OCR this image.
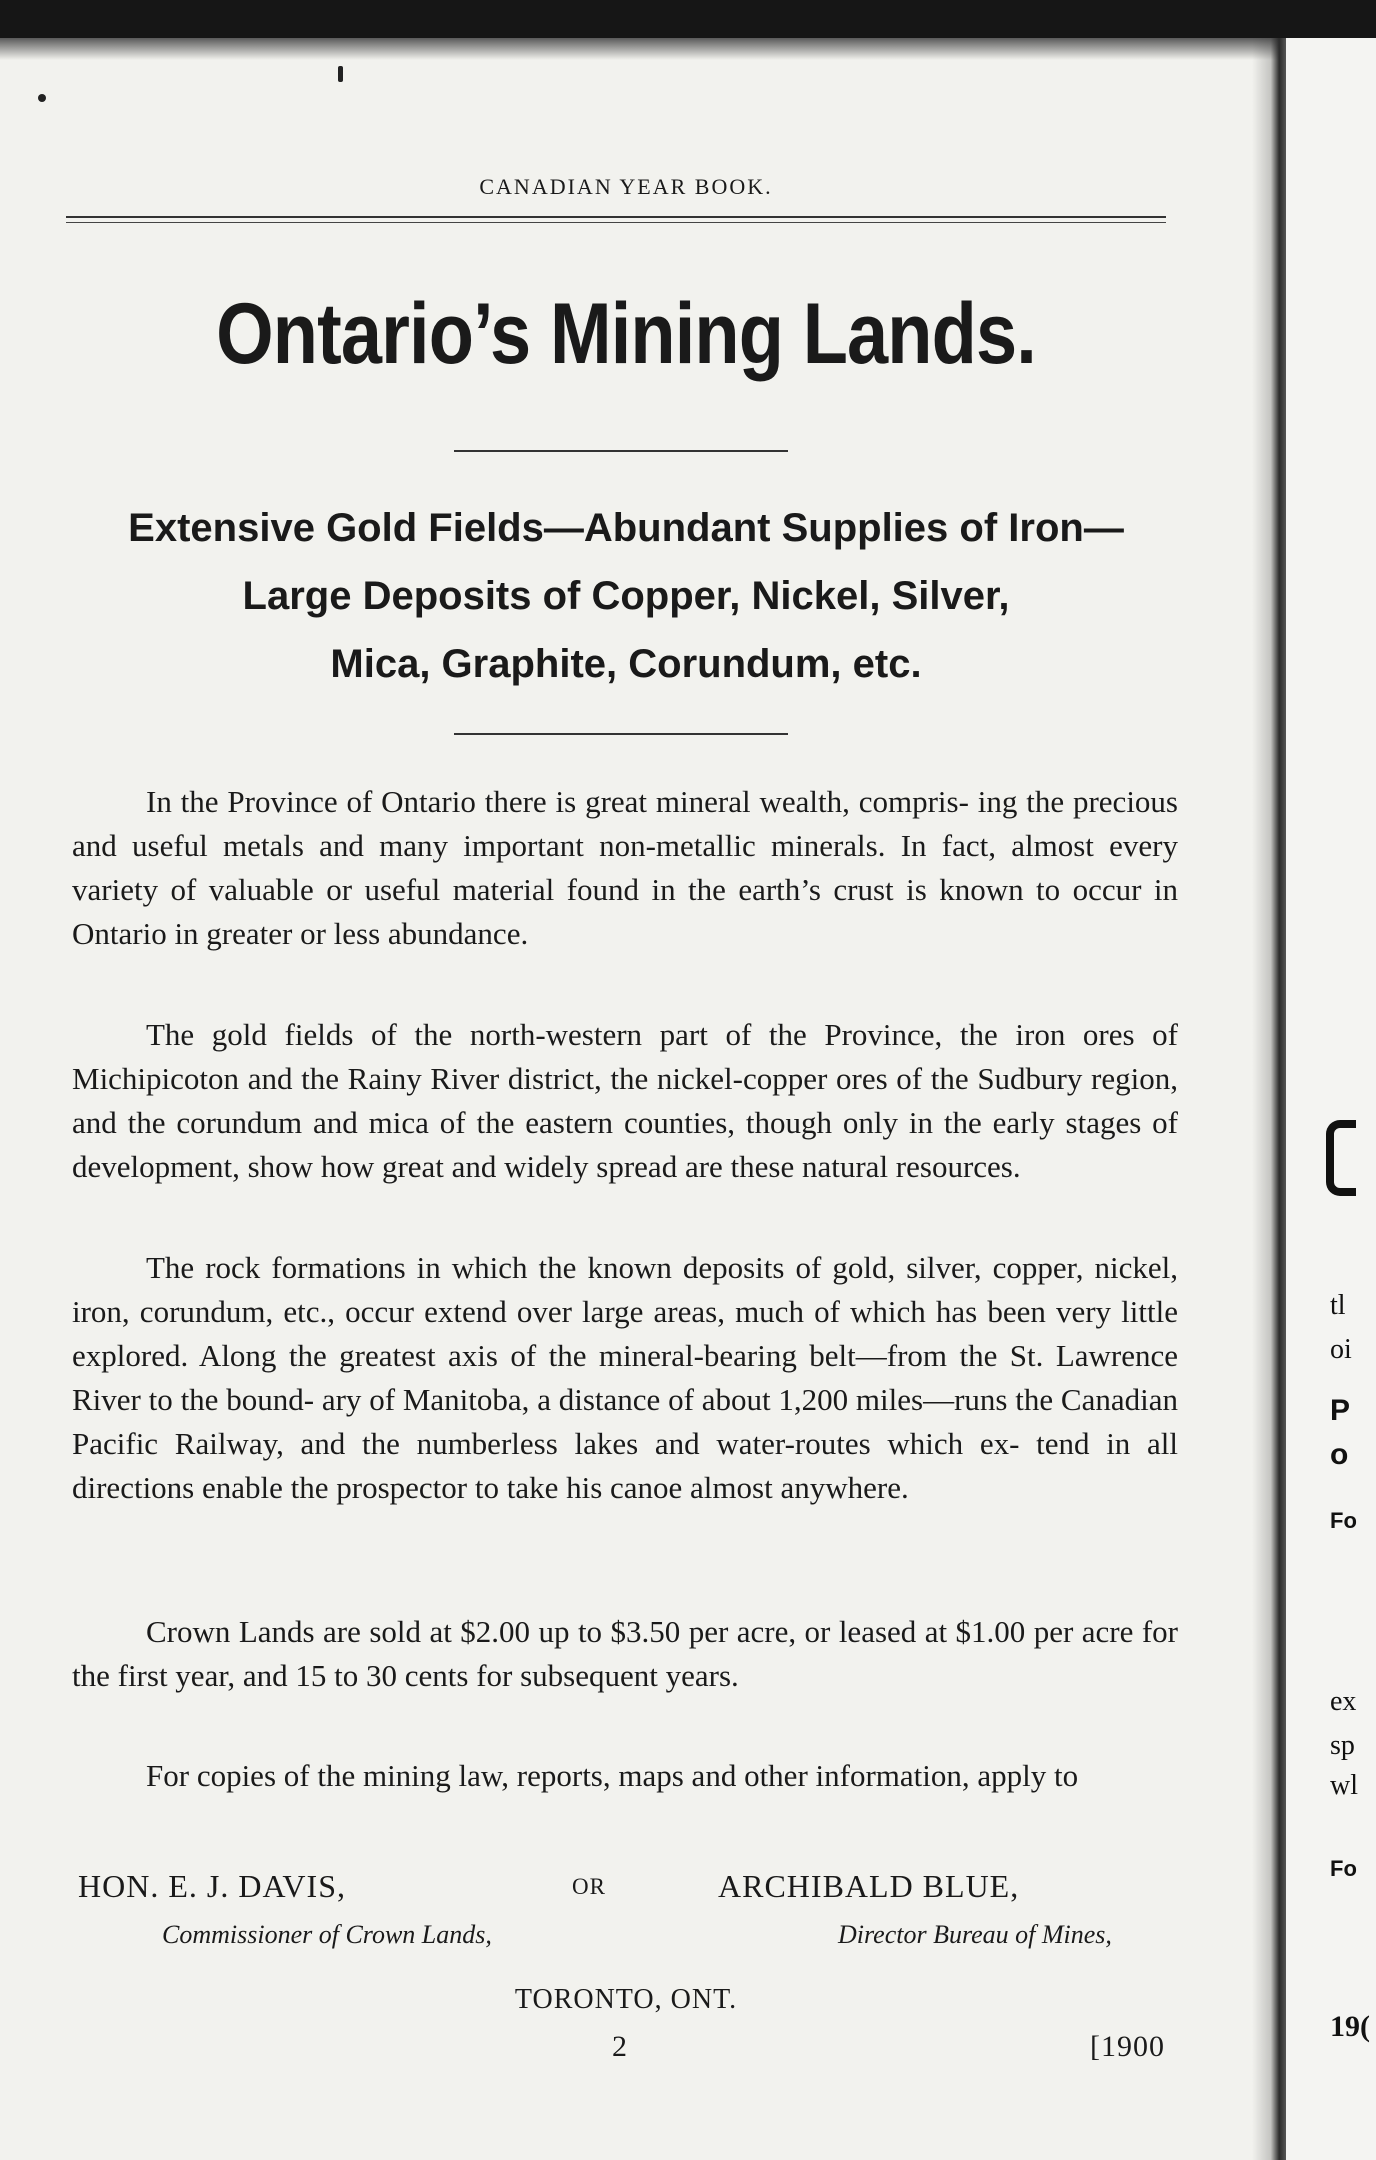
CANADIAN YEAR BOOK.
Ontario’s Mining Lands.
Extensive Gold Fields—Abundant Supplies of Iron—
Large Deposits of Copper, Nickel, Silver,
Mica, Graphite, Corundum, etc.

In the Province of Ontario there is great mineral wealth, compris- ing the precious and useful metals and many important non-metallic minerals. In fact, almost every variety of valuable or useful material found in the earth’s crust is known to occur in Ontario in greater or less abundance.

The gold fields of the north-western part of the Province, the iron ores of Michipicoton and the Rainy River district, the nickel-copper ores of the Sudbury region, and the corundum and mica of the eastern counties, though only in the early stages of development, show how great and widely spread are these natural resources.

The rock formations in which the known deposits of gold, silver, copper, nickel, iron, corundum, etc., occur extend over large areas, much of which has been very little explored. Along the greatest axis of the mineral-bearing belt—from the St. Lawrence River to the bound- ary of Manitoba, a distance of about 1,200 miles—runs the Canadian Pacific Railway, and the numberless lakes and water-routes which ex- tend in all directions enable the prospector to take his canoe almost anywhere.

Crown Lands are sold at $2.00 up to $3.50 per acre, or leased at $1.00 per acre for the first year, and 15 to 30 cents for subsequent years.

For copies of the mining law, reports, maps and other information, apply to

HON. E. J. DAVIS,	OR	ARCHIBALD BLUE,
Commissioner of Crown Lands,	Director Bureau of Mines,
TORONTO, ONT.
2	[1900
tl
oi
P
o
Fo
ex
sp
wl
Fo
19(
